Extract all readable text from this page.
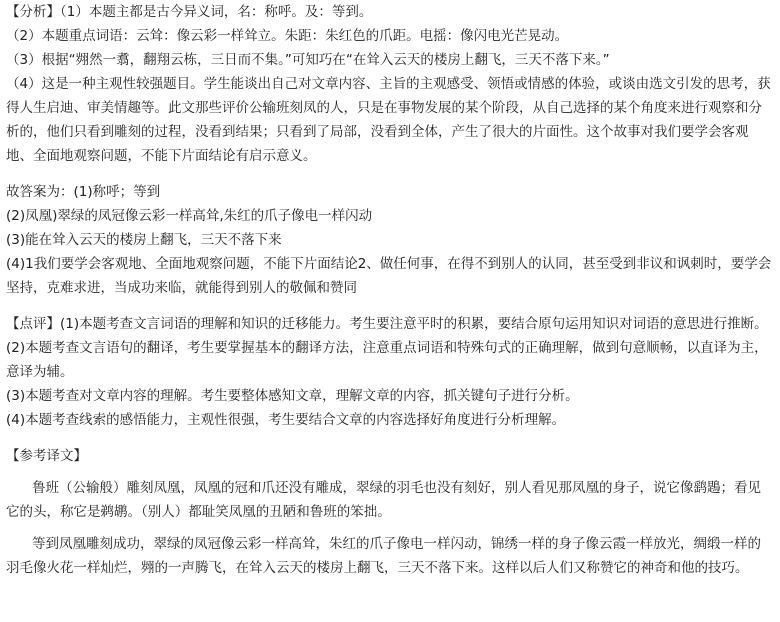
【分析】（1）本题主都是古今异义词，名：称呼。及：等到。
（2）本题重点词语：云耸：像云彩一样耸立。朱距：朱红色的爪距。电摇：像闪电光芒晃动。
（3）根据“翙然一翥，翻翔云栋，三日而不集。”可知巧在“在耸入云天的楼房上翻飞，三天不落下来。”
（4）这是一种主观性较强题目。学生能谈出自己对文章内容、主旨的主观感受、领悟或情感的体验，或谈由选文引发的思考，获得人生启迪、审美情趣等。此文那些评价公输班刻凤的人，只是在事物发展的某个阶段，从自己选择的某个角度来进行观察和分析的，他们只看到雕刻的过程，没看到结果；只看到了局部，没看到全体，产生了很大的片面性。这个故事对我们要学会客观地、全面地观察问题，不能下片面结论有启示意义。
故答案为：(1)称呼；等到
(2)凤凰)翠绿的凤冠像云彩一样高耸,朱红的爪子像电一样闪动
(3)能在耸入云天的楼房上翻飞，三天不落下来
(4)1我们要学会客观地、全面地观察问题，不能下片面结论2、做任何事，在得不到别人的认同，甚至受到非议和讽刺时，要学会坚持，克难求进，当成功来临，就能得到别人的敬佩和赞同
【点评】(1)本题考查文言词语的理解和知识的迁移能力。考生要注意平时的积累，要结合原句运用知识对词语的意思进行推断。
(2)本题考查文言语句的翻译，考生要掌握基本的翻译方法，注意重点词语和特殊句式的正确理解，做到句意顺畅，以直译为主，意译为辅。
(3)本题考查对文章内容的理解。考生要整体感知文章，理解文章的内容，抓关键句子进行分析。
(4)本题考查线索的感悟能力，主观性很强，考生要结合文章的内容选择好角度进行分析理解。
【参考译文】
鲁班（公输般）雕刻凤凰，凤凰的冠和爪还没有雕成，翠绿的羽毛也没有刻好，别人看见那凤凰的身子，说它像鹞鶗；看见它的头，称它是鹈鹕。（别人）都耻笑凤凰的丑陋和鲁班的笨拙。
等到凤凰雕刻成功，翠绿的凤冠像云彩一样高耸，朱红的爪子像电一样闪动，锦绣一样的身子像云霞一样放光，绸缎一样的羽毛像火花一样灿烂，翙的一声腾飞，在耸入云天的楼房上翻飞，三天不落下来。这样以后人们又称赞它的神奇和他的技巧。
